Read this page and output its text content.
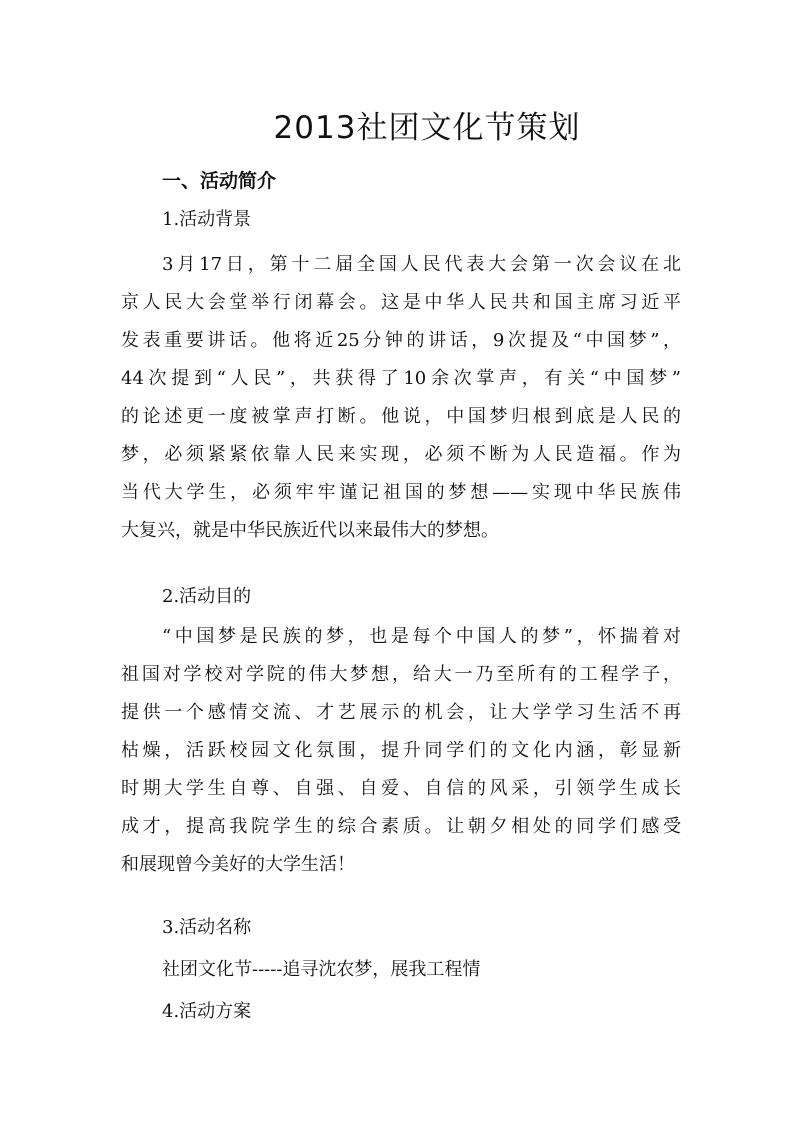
2013社团文化节策划
一、活动简介
1.活动背景
3月17日，第十二届全国人民代表大会第一次会议在北
京人民大会堂举行闭幕会。这是中华人民共和国主席习近平
发表重要讲话。他将近25分钟的讲话，9次提及“中国梦”，
44次提到“人民”，共获得了10余次掌声，有关“中国梦”
的论述更一度被掌声打断。他说，中国梦归根到底是人民的
梦，必须紧紧依靠人民来实现，必须不断为人民造福。作为
当代大学生，必须牢牢谨记祖国的梦想——实现中华民族伟
大复兴，就是中华民族近代以来最伟大的梦想。
2.活动目的
“中国梦是民族的梦，也是每个中国人的梦”，怀揣着对
祖国对学校对学院的伟大梦想，给大一乃至所有的工程学子，
提供一个感情交流、才艺展示的机会，让大学学习生活不再
枯燥，活跃校园文化氛围，提升同学们的文化内涵，彰显新
时期大学生自尊、自强、自爱、自信的风采，引领学生成长
成才，提高我院学生的综合素质。让朝夕相处的同学们感受
和展现曾今美好的大学生活！
3.活动名称
社团文化节-----追寻沈农梦，展我工程情
4.活动方案
